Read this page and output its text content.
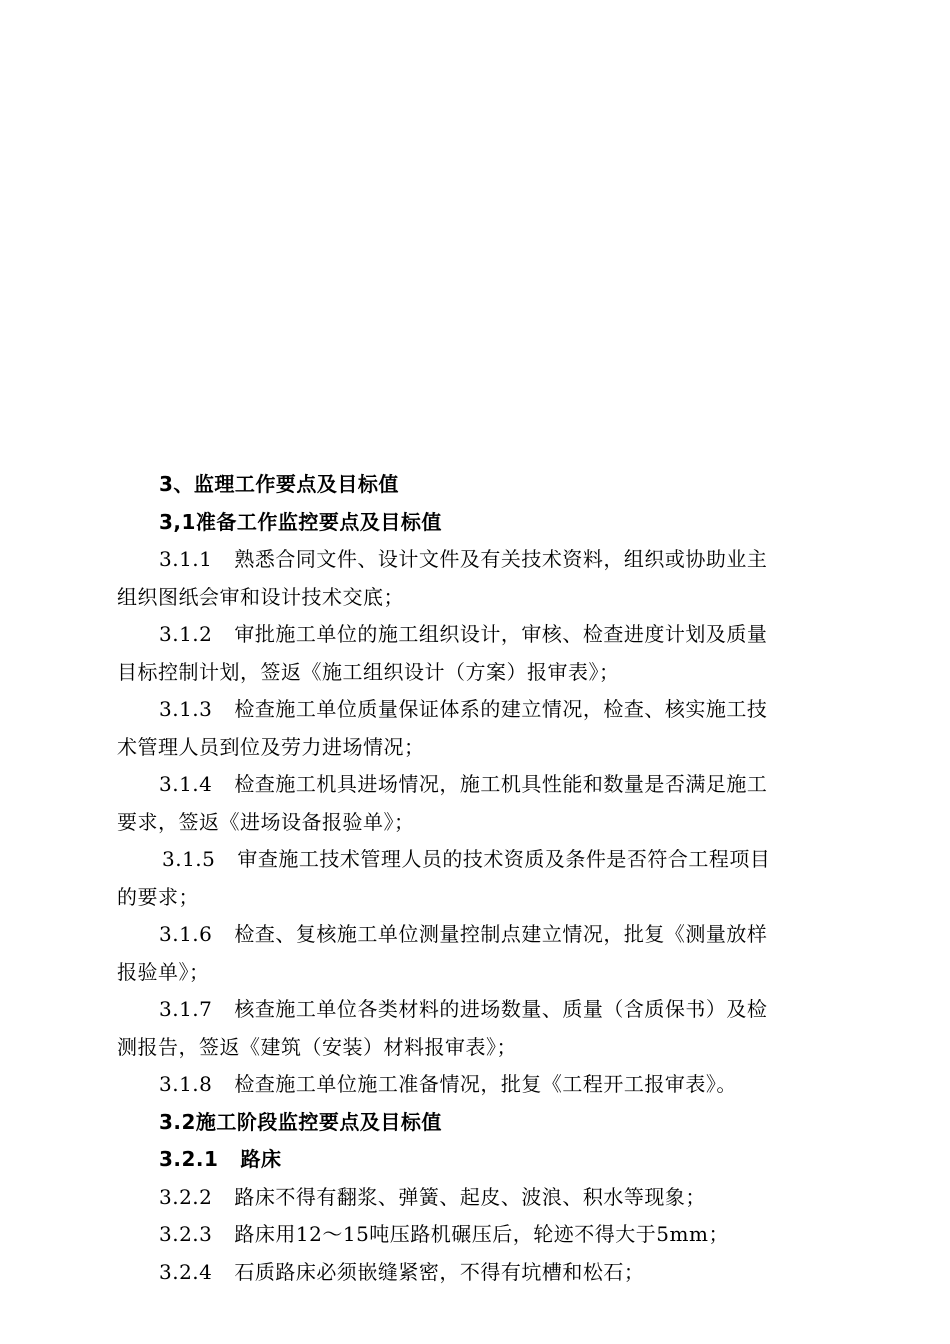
3、监理工作要点及目标值
3,1准备工作监控要点及目标值
3.1.1 熟悉合同文件、设计文件及有关技术资料，组织或协助业主
组织图纸会审和设计技术交底；
3.1.2 审批施工单位的施工组织设计，审核、检查进度计划及质量
目标控制计划，签返《施工组织设计（方案）报审表》；
3.1.3 检查施工单位质量保证体系的建立情况，检查、核实施工技
术管理人员到位及劳力进场情况；
3.1.4 检查施工机具进场情况，施工机具性能和数量是否满足施工
要求，签返《进场设备报验单》；
3.1.5 审查施工技术管理人员的技术资质及条件是否符合工程项目
的要求；
3.1.6 检查、复核施工单位测量控制点建立情况，批复《测量放样
报验单》；
3.1.7 核查施工单位各类材料的进场数量、质量（含质保书）及检
测报告，签返《建筑（安装）材料报审表》；
3.1.8 检查施工单位施工准备情况，批复《工程开工报审表》。
3.2施工阶段监控要点及目标值
3.2.1 路床
3.2.2 路床不得有翻浆、弹簧、起皮、波浪、积水等现象；
3.2.3 路床用12～15吨压路机碾压后，轮迹不得大于5mm；
3.2.4 石质路床必须嵌缝紧密，不得有坑槽和松石；
